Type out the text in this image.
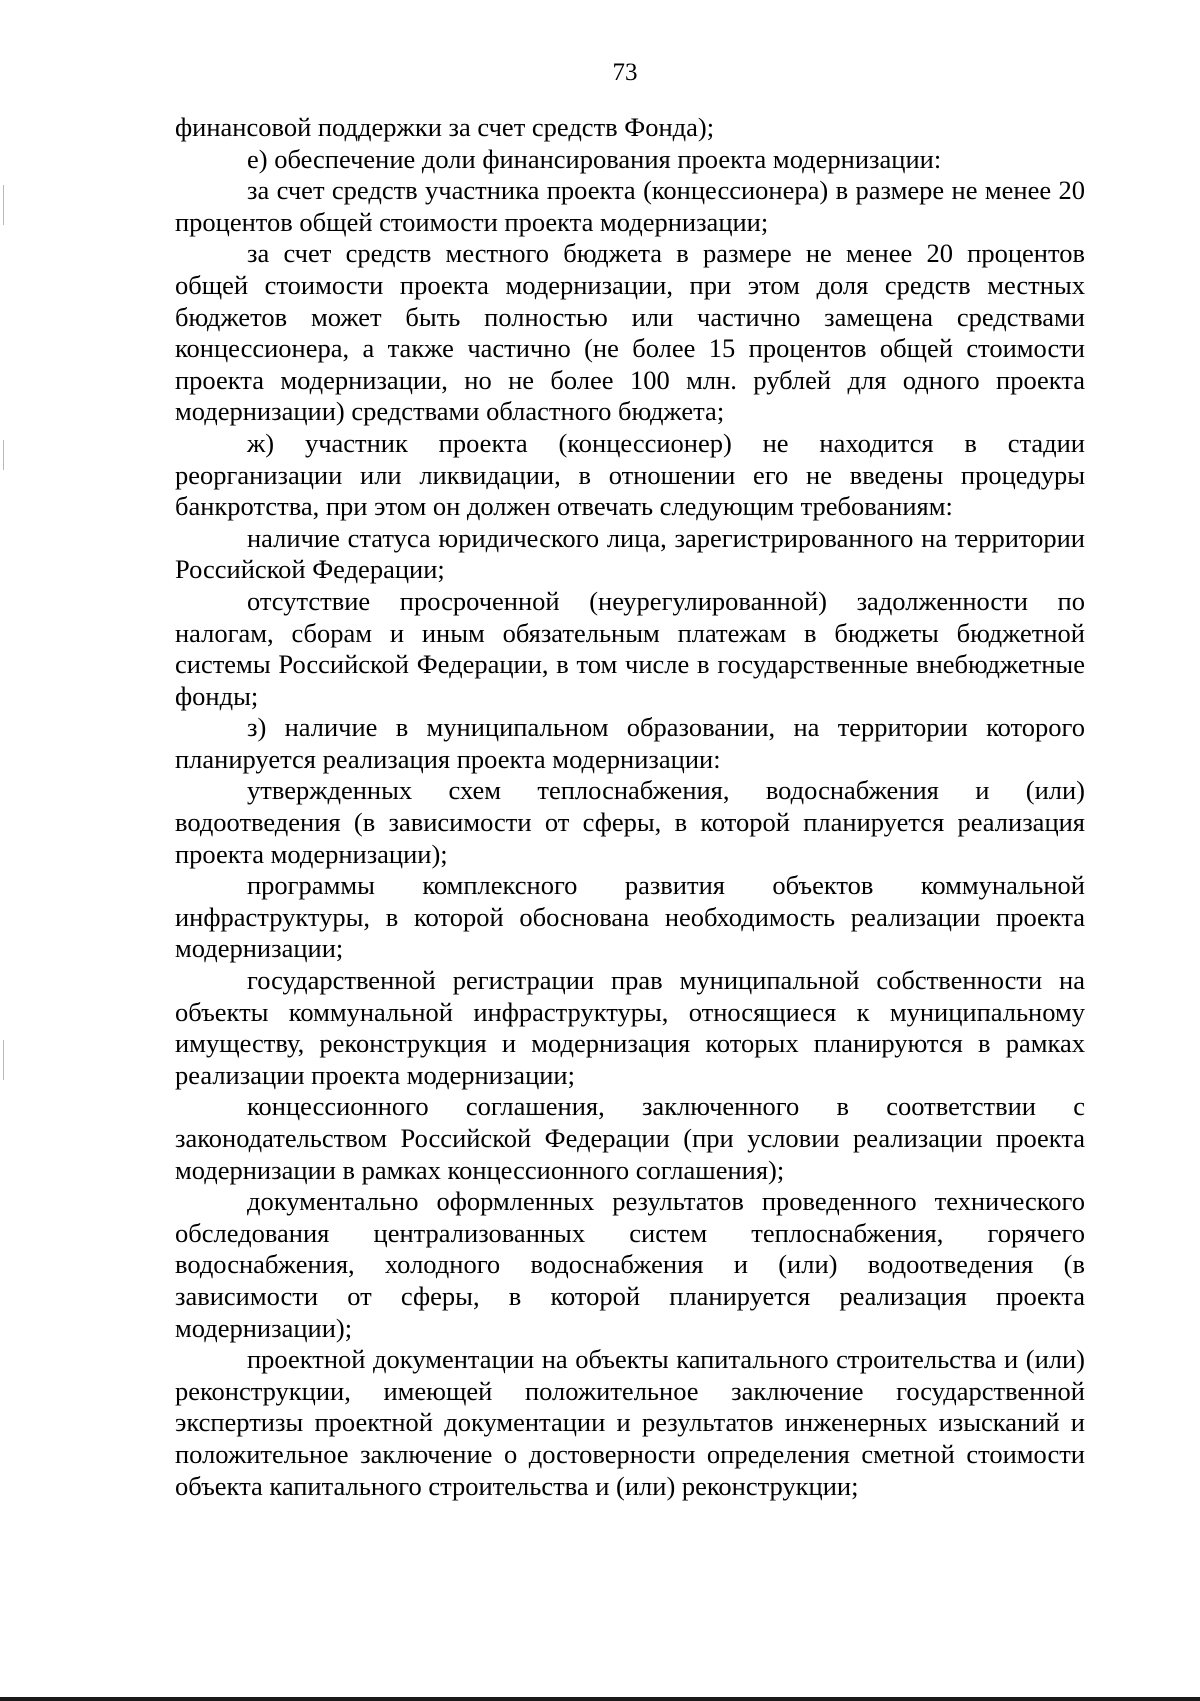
73

финансовой поддержки за счет средств Фонда);

е) обеспечение доли финансирования проекта модернизации:

за счет средств участника проекта (концессионера) в размере не менее 20 процентов общей стоимости проекта модернизации;

за счет средств местного бюджета в размере не менее 20 процентов общей стоимости проекта модернизации, при этом доля средств местных бюджетов может быть полностью или частично замещена средствами концессионера, а также частично (не более 15 процентов общей стоимости проекта модернизации, но не более 100 млн. рублей для одного проекта модернизации) средствами областного бюджета;

ж) участник проекта (концессионер) не находится в стадии реорганизации или ликвидации, в отношении его не введены процедуры банкротства, при этом он должен отвечать следующим требованиям:

наличие статуса юридического лица, зарегистрированного на территории Российской Федерации;

отсутствие просроченной (неурегулированной) задолженности по налогам, сборам и иным обязательным платежам в бюджеты бюджетной системы Российской Федерации, в том числе в государственные внебюджетные фонды;

з) наличие в муниципальном образовании, на территории которого планируется реализация проекта модернизации:

утвержденных схем теплоснабжения, водоснабжения и (или) водоотведения (в зависимости от сферы, в которой планируется реализация проекта модернизации);

программы комплексного развития объектов коммунальной инфраструктуры, в которой обоснована необходимость реализации проекта модернизации;

государственной регистрации прав муниципальной собственности на объекты коммунальной инфраструктуры, относящиеся к муниципальному имуществу, реконструкция и модернизация которых планируются в рамках реализации проекта модернизации;

концессионного соглашения, заключенного в соответствии с законодательством Российской Федерации (при условии реализации проекта модернизации в рамках концессионного соглашения);

документально оформленных результатов проведенного технического обследования централизованных систем теплоснабжения, горячего водоснабжения, холодного водоснабжения и (или) водоотведения (в зависимости от сферы, в которой планируется реализация проекта модернизации);

проектной документации на объекты капитального строительства и (или) реконструкции, имеющей положительное заключение государственной экспертизы проектной документации и результатов инженерных изысканий и положительное заключение о достоверности определения сметной стоимости объекта капитального строительства и (или) реконструкции;
